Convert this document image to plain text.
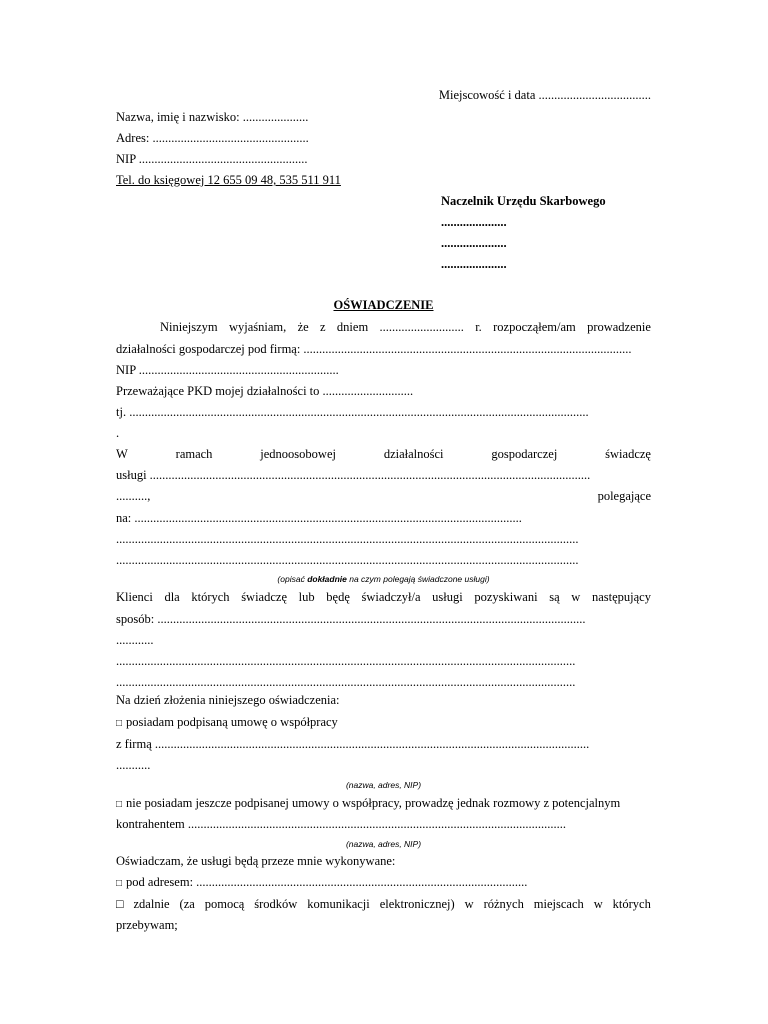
Miejscowość i data ....................................
Nazwa, imię i nazwisko: .....................
Adres: ..................................................
NIP ......................................................
Tel. do księgowej 12 655 09 48, 535 511 911
Naczelnik Urzędu Skarbowego
.....................
.....................
.....................
OŚWIADCZENIE
Niniejszym wyjaśniam, że z dniem ........................... r. rozpocząłem/am prowadzenie
działalności gospodarczej pod firmą: .........................................................................................................
NIP ................................................................
Przeważające PKD mojej działalności to .............................
tj. ...................................................................................................................................................
.
W	ramach	jednoosobowej	działalności	gospodarczej	świadczę
usługi .............................................................................................................................................
..........,	polegające
na: ............................................................................................................................
....................................................................................................................................................
....................................................................................................................................................
(opisać dokładnie na czym polegają świadczone usługi)
Klienci dla których świadczę lub będę świadczył/a usługi pozyskiwani są w następujący
sposób: .........................................................................................................................................
............
...................................................................................................................................................
...................................................................................................................................................
Na dzień złożenia niniejszego oświadczenia:
□ posiadam podpisaną umowę o współpracy
z firmą ...........................................................................................................................................
...........
(nazwa, adres, NIP)
□ nie posiadam jeszcze podpisanej umowy o współpracy, prowadzę jednak rozmowy z potencjalnym
kontrahentem .........................................................................................................................
(nazwa, adres, NIP)
Oświadczam, że usługi będą przeze mnie wykonywane:
□ pod adresem: ..........................................................................................................
□ zdalnie (za pomocą środków komunikacji elektronicznej) w różnych miejscach w których
przebywam;
